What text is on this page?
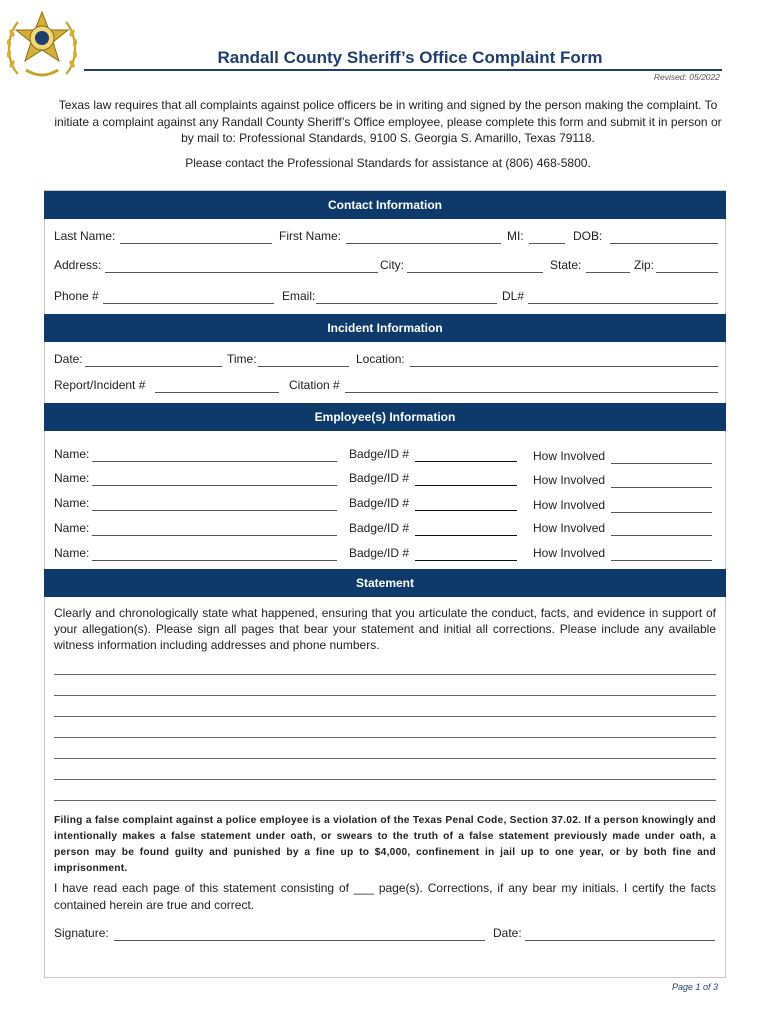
Randall County Sheriff’s Office Complaint Form
Revised: 05/2022
Texas law requires that all complaints against police officers be in writing and signed by the person making the complaint. To initiate a complaint against any Randall County Sheriff’s Office employee, please complete this form and submit it in person or by mail to: Professional Standards, 9100 S. Georgia S. Amarillo, Texas 79118.
Please contact the Professional Standards for assistance at (806) 468-5800.
Contact Information
Last Name:	First Name:	MI:	DOB:
Address:	City:	State:	Zip:
Phone #	Email:	DL#
Incident Information
Date:	Time:	Location:
Report/Incident #	Citation #
Employee(s) Information
Name:	Badge/ID #	How Involved
Name:	Badge/ID #	How Involved
Name:	Badge/ID #	How Involved
Name:	Badge/ID #	How Involved
Name:	Badge/ID #	How Involved
Statement
Clearly and chronologically state what happened, ensuring that you articulate the conduct, facts, and evidence in support of your allegation(s). Please sign all pages that bear your statement and initial all corrections. Please include any available witness information including addresses and phone numbers.
Filing a false complaint against a police employee is a violation of the Texas Penal Code, Section 37.02. If a person knowingly and intentionally makes a false statement under oath, or swears to the truth of a false statement previously made under oath, a person may be found guilty and punished by a fine up to $4,000, confinement in jail up to one year, or by both fine and imprisonment.
I have read each page of this statement consisting of ___ page(s). Corrections, if any bear my initials. I certify the facts contained herein are true and correct.
Signature:	Date:
Page 1 of 3
